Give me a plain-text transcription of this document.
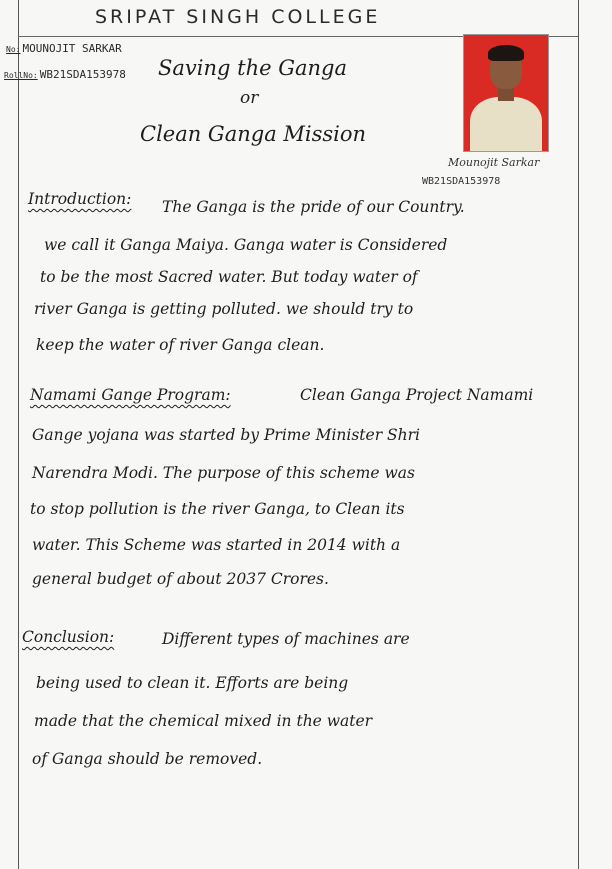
SRIPAT SINGH COLLEGE
No: MOUNOJIT SARKAR
RollNo: WB21SDA153978 Saving the Ganga
or
Clean Ganga Mission
Mounojit Sarkar
WB21SDA153978
Introduction: The Ganga is the pride of our Country.
we call it Ganga Maiya. Ganga water is Considered
to be the most Sacred water. But today water of
river Ganga is getting polluted. we should try to
keep the water of river Ganga clean.
Namami Gange Program:	Clean Ganga Project Namami
Gange yojana was started by Prime Minister Shri
Narendra Modi. The purpose of this scheme was
to stop pollution is the river Ganga, to Clean its
water. This Scheme was started in 2014 with a
general budget of about 2037 Crores.
Conclusion:	Different types of machines are
being used to clean it. Efforts are being
made that the chemical mixed in the water
of Ganga should be removed.
